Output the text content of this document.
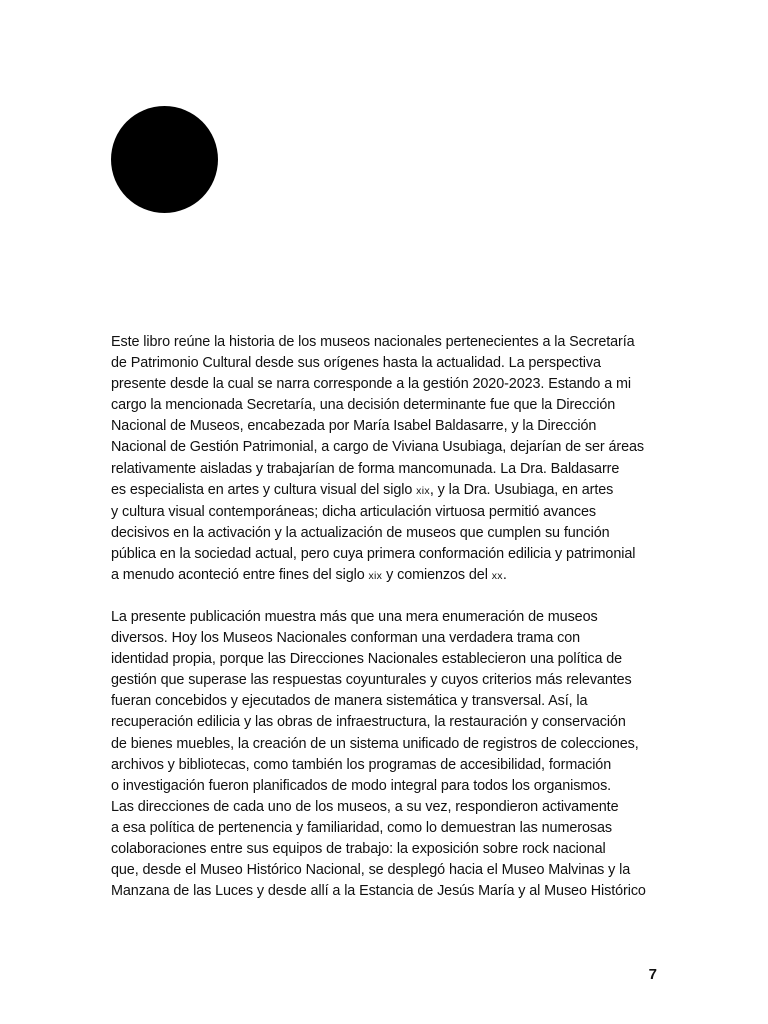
Este libro reúne la historia de los museos nacionales pertenecientes a la Secretaría
de Patrimonio Cultural desde sus orígenes hasta la actualidad. La perspectiva
presente desde la cual se narra corresponde a la gestión 2020-2023. Estando a mi
cargo la mencionada Secretaría, una decisión determinante fue que la Dirección
Nacional de Museos, encabezada por María Isabel Baldasarre, y la Dirección
Nacional de Gestión Patrimonial, a cargo de Viviana Usubiaga, dejarían de ser áreas
relativamente aisladas y trabajarían de forma mancomunada. La Dra. Baldasarre
es especialista en artes y cultura visual del siglo xix, y la Dra. Usubiaga, en artes
y cultura visual contemporáneas; dicha articulación virtuosa permitió avances
decisivos en la activación y la actualización de museos que cumplen su función
pública en la sociedad actual, pero cuya primera conformación edilicia y patrimonial
a menudo aconteció entre fines del siglo xix y comienzos del xx.
La presente publicación muestra más que una mera enumeración de museos
diversos. Hoy los Museos Nacionales conforman una verdadera trama con
identidad propia, porque las Direcciones Nacionales establecieron una política de
gestión que superase las respuestas coyunturales y cuyos criterios más relevantes
fueran concebidos y ejecutados de manera sistemática y transversal. Así, la
recuperación edilicia y las obras de infraestructura, la restauración y conservación
de bienes muebles, la creación de un sistema unificado de registros de colecciones,
archivos y bibliotecas, como también los programas de accesibilidad, formación
o investigación fueron planificados de modo integral para todos los organismos.
Las direcciones de cada uno de los museos, a su vez, respondieron activamente
a esa política de pertenencia y familiaridad, como lo demuestran las numerosas
colaboraciones entre sus equipos de trabajo: la exposición sobre rock nacional
que, desde el Museo Histórico Nacional, se desplegó hacia el Museo Malvinas y la
Manzana de las Luces y desde allí a la Estancia de Jesús María y al Museo Histórico
7
